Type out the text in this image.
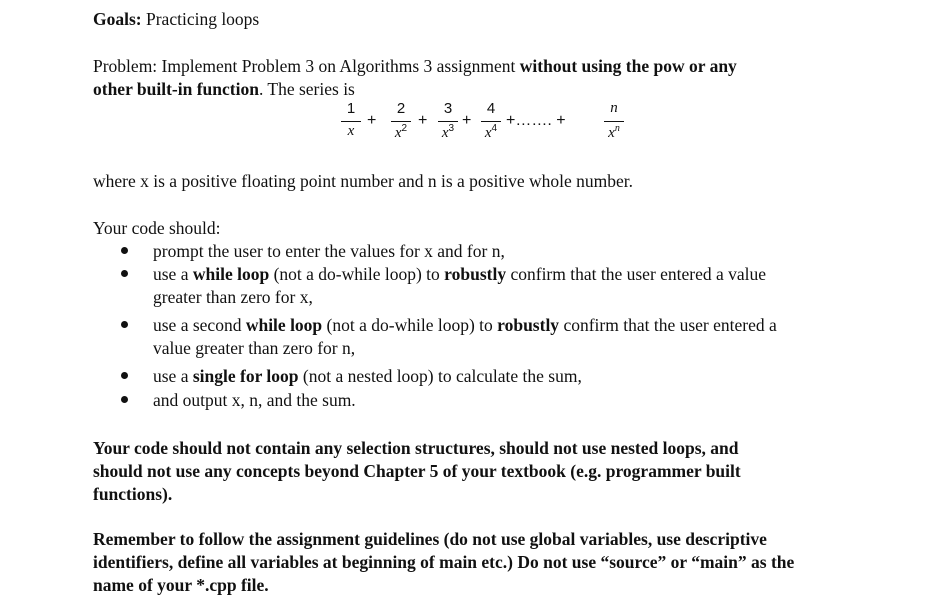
Goals: Practicing loops
Problem: Implement Problem 3 on Algorithms 3 assignment without using the pow or any
other built-in function. The series is
1
x
+
2
$x^2$ +
3
$x^3$ +
4
$x^4$ +……. +
n
$x^n$
where x is a positive floating point number and n is a positive whole number.
Your code should:
prompt the user to enter the values for x and for n,
use a while loop (not a do-while loop) to robustly confirm that the user entered a value
greater than zero for x,
use a second while loop (not a do-while loop) to robustly confirm that the user entered a
value greater than zero for n,
use a single for loop (not a nested loop) to calculate the sum,
and output x, n, and the sum.
Your code should not contain any selection structures, should not use nested loops, and
should not use any concepts beyond Chapter 5 of your textbook (e.g. programmer built
functions).
Remember to follow the assignment guidelines (do not use global variables, use descriptive
identifiers, define all variables at beginning of main etc.) Do not use “source” or “main” as the
name of your *.cpp file.
